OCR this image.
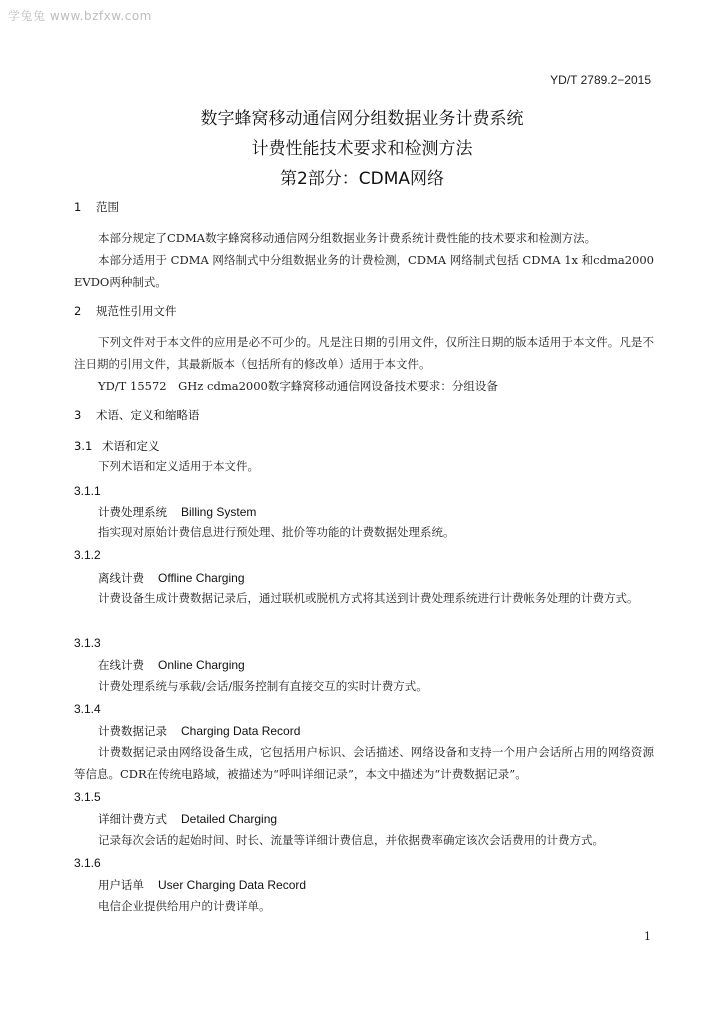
学兔兔 www.bzfxw.com
YD/T 2789.2−2015
数字蜂窝移动通信网分组数据业务计费系统
计费性能技术要求和检测方法
第2部分：CDMA网络
1 范围
本部分规定了CDMA数字蜂窝移动通信网分组数据业务计费系统计费性能的技术要求和检测方法。
本部分适用于 CDMA 网络制式中分组数据业务的计费检测，CDMA 网络制式包括 CDMA 1x 和cdma2000 EVDO两种制式。
2 规范性引用文件
下列文件对于本文件的应用是必不可少的。凡是注日期的引用文件，仅所注日期的版本适用于本文件。凡是不注日期的引用文件，其最新版本（包括所有的修改单）适用于本文件。
YD/T 15572　GHz cdma2000数字蜂窝移动通信网设备技术要求：分组设备
3 术语、定义和缩略语
3.1 术语和定义
下列术语和定义适用于本文件。
3.1.1
计费处理系统 Billing System
指实现对原始计费信息进行预处理、批价等功能的计费数据处理系统。
3.1.2
离线计费 Offline Charging
计费设备生成计费数据记录后，通过联机或脱机方式将其送到计费处理系统进行计费帐务处理的计费方式。
3.1.3
在线计费 Online Charging
计费处理系统与承载/会话/服务控制有直接交互的实时计费方式。
3.1.4
计费数据记录 Charging Data Record
计费数据记录由网络设备生成，它包括用户标识、会话描述、网络设备和支持一个用户会话所占用的网络资源等信息。CDR在传统电路域，被描述为“呼叫详细记录”，本文中描述为“计费数据记录”。
3.1.5
详细计费方式 Detailed Charging
记录每次会话的起始时间、时长、流量等详细计费信息，并依据费率确定该次会话费用的计费方式。
3.1.6
用户话单 User Charging Data Record
电信企业提供给用户的计费详单。
1
